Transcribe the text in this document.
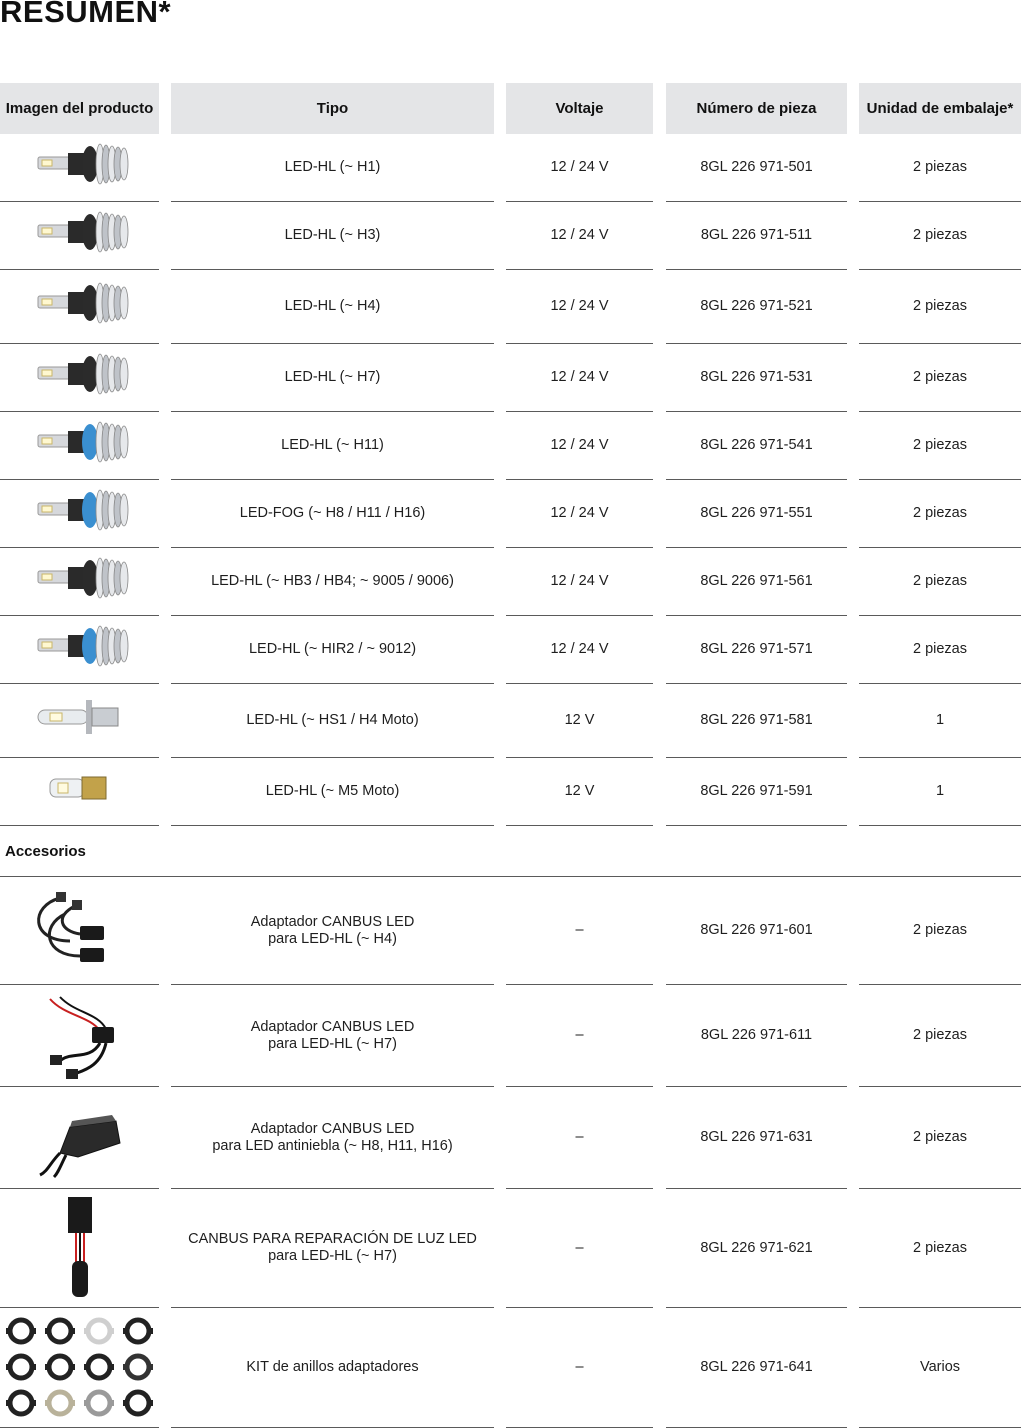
RESUMEN*
Imagen del producto	Tipo	Voltaje	Número de pieza	Unidad de embalaje*
LED-HL (~ H1)	12 / 24 V	8GL 226 971-501	2 piezas
LED-HL (~ H3)	12 / 24 V	8GL 226 971-511	2 piezas
LED-HL (~ H4)	12 / 24 V	8GL 226 971-521	2 piezas
LED-HL (~ H7)	12 / 24 V	8GL 226 971-531	2 piezas
LED-HL (~ H11)	12 / 24 V	8GL 226 971-541	2 piezas
LED-FOG (~ H8 / H11 / H16)	12 / 24 V	8GL 226 971-551	2 piezas
LED-HL (~ HB3 / HB4; ~ 9005 / 9006)	12 / 24 V	8GL 226 971-561	2 piezas
LED-HL (~ HIR2 / ~ 9012)	12 / 24 V	8GL 226 971-571	2 piezas
LED-HL (~ HS1 / H4 Moto)	12 V	8GL 226 971-581	1
LED-HL (~ M5 Moto)	12 V	8GL 226 971-591	1
Accesorios
Adaptador CANBUS LED
para LED-HL (~ H4)
–	8GL 226 971-601	2 piezas
Adaptador CANBUS LED
para LED-HL (~ H7)
–	8GL 226 971-611	2 piezas
Adaptador CANBUS LED
para LED antiniebla (~ H8, H11, H16)
–	8GL 226 971-631	2 piezas
CANBUS PARA REPARACIÓN DE LUZ LED
para LED-HL (~ H7)
–	8GL 226 971-621	2 piezas
KIT de anillos adaptadores	–	8GL 226 971-641	Varios
